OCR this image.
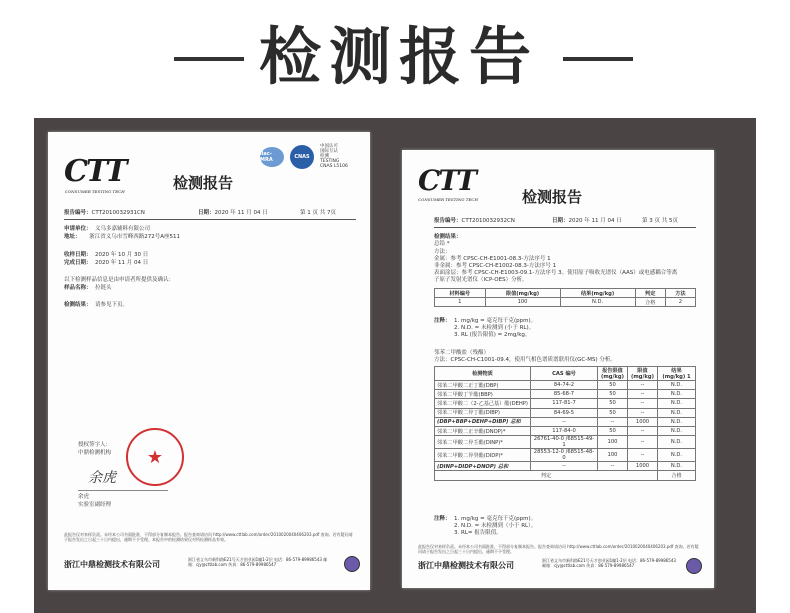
检测报告
CTT
CONSUMER TESTING TECH	检测报告
ilac-MRA	CNAS
中国认可
国际互认
检测
TESTING
CNAS L5106
报告编号：CTT2010032931CN	日期：2020 年 11 月 04 日	第 1 页 共 7页
申请单位： 义乌多嘉辅料有限公司
地址： 浙江省义乌市雪峰西路272号A座511
收样日期： 2020 年 10 月 30 日
完成日期： 2020 年 11 月 04 日
以下检测样品信息是由申请者所提供及确认：
样品名称： 拉链头
检测结果： 请参见下页。
授权签字人：
中鼎检测机构
余虎
★
余虎
实验室副经理
此报告仅对来样负责。未经本公司书面批准，不得部分复制本报告。报告查询请访问 http://www.cttlab.com/order/2010020040406203.pdf 查询。若有疑问请于报告发出之日起三十日内提出，逾期不予受理。本报告中的检测结果仅对所检测样品有效。
浙江中鼎检测技术有限公司
浙江省义乌市新科路E21号天才创业园1幢1-2层 电话：86-579-89986543 邮箱：cjy@cttlab.com 传真：86-579-89986547
CTT
CONSUMER TESTING TECH	检测报告
报告编号：CTT2010032932CN	日期：2020 年 11 月 04 日	第 3 页 共 5页
检测结果：
总铅 *
方法：
金属：参考 CPSC-CH-E1001-08.3-方法序号 1
非金属：参考 CPSC-CH-E1002-08.3-方法序号 1
表面涂层：参考 CPSC-CH-E1003-09.1-方法序号 3。使用原子吸收光谱仪（AAS）或电感耦合等离
子原子发射光谱仪（ICP-OES）分析。
材料编号	限值(mg/kg)	结果(mg/kg)	判定	方法
1	100	N.D.	合格	2
注释： 1. mg/kg = 毫克每千克(ppm)。
2. N.D. = 未检测到 (小于 RL)。
3. RL (报告限值) = 2mg/kg。
邻苯二甲酸盐（残酯）
方法：CPSC-CH-C1001-09.4，使用气相色谱质谱联用仪(GC-MS) 分析。
检测物质	CAS 编号	报告限值 (mg/kg)	限值 (mg/kg)	结果(mg/kg) 1
邻苯二甲酸二正丁酯(DBP)	84-74-2	50	--	N.D.
邻苯二甲酸丁苄酯(BBP)	85-68-7	50	--	N.D.
邻苯二甲酸二（2-乙基己基）酯(DEHP)	117-81-7	50	--	N.D.
邻苯二甲酸二异丁酯(DIBP)	84-69-5	50	--	N.D.
(DBP+BBP+DEHP+DIBP) 总和	--	--	1000	N.D.
邻苯二甲酸二正辛酯(DNOP)*	117-84-0	50	--	N.D.
邻苯二甲酸二异壬酯(DINP)*	26761-40-0 /68515-49-1	100	--	N.D.
邻苯二甲酸二异癸酯(DIDP)*	28553-12-0 /68515-48-0	100	--	N.D.
(DINP+DIDP+DNOP) 总和	--	--	1000	N.D.
判定				合格
注释： 1. mg/kg = 毫克每千克(ppm)。
2. N.D. = 未检测到（小于 RL）。
3. RL= 报告限值。
此报告仅对来样负责。未经本公司书面批准，不得部分复制本报告。报告查询请访问 http://www.cttlab.com/order/2010020040406203.pdf 查询。若有疑问请于报告发出之日起三十日内提出，逾期不予受理。
浙江中鼎检测技术有限公司
浙江省义乌市新科路E21号天才创业园1幢1-2层 电话：86-579-89986543 邮箱：cjy@cttlab.com 传真：86-579-89986547
